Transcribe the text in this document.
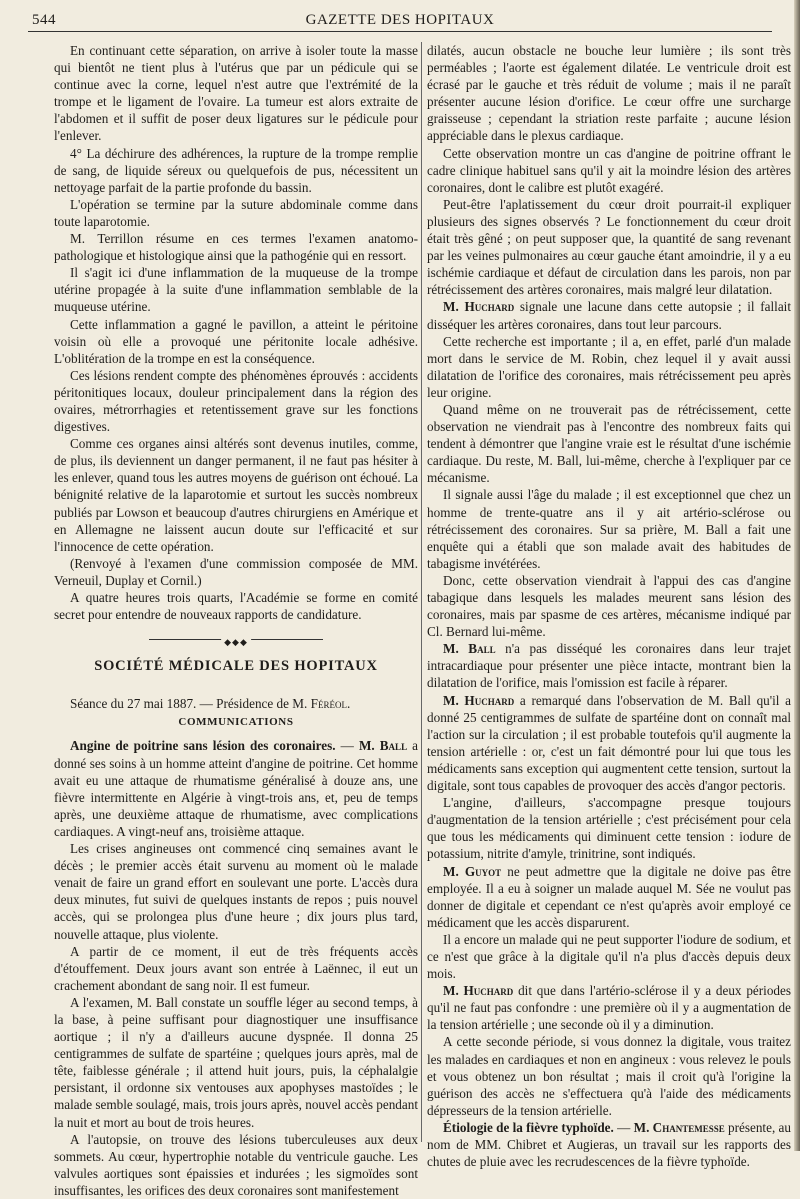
544	GAZETTE DES HOPITAUX

En continuant cette séparation, on arrive à isoler toute la masse qui bientôt ne tient plus à l'utérus que par un pédicule qui se continue avec la corne, lequel n'est autre que l'extrémité de la trompe et le ligament de l'ovaire. La tumeur est alors extraite de l'abdomen et il suffit de poser deux ligatures sur le pédicule pour l'enlever.

4° La déchirure des adhérences, la rupture de la trompe remplie de sang, de liquide séreux ou quelquefois de pus, nécessitent un nettoyage parfait de la partie profonde du bassin.

L'opération se termine par la suture abdominale comme dans toute laparotomie.

M. Terrillon résume en ces termes l'examen anatomo-pathologique et histologique ainsi que la pathogénie qui en ressort.

Il s'agit ici d'une inflammation de la muqueuse de la trompe utérine propagée à la suite d'une inflammation semblable de la muqueuse utérine.

Cette inflammation a gagné le pavillon, a atteint le péritoine voisin où elle a provoqué une péritonite locale adhésive. L'oblitération de la trompe en est la conséquence.

Ces lésions rendent compte des phénomènes éprouvés : accidents péritonitiques locaux, douleur principalement dans la région des ovaires, métrorrhagies et retentissement grave sur les fonctions digestives.

Comme ces organes ainsi altérés sont devenus inutiles, comme, de plus, ils deviennent un danger permanent, il ne faut pas hésiter à les enlever, quand tous les autres moyens de guérison ont échoué. La bénignité relative de la laparotomie et surtout les succès nombreux publiés par Lowson et beaucoup d'autres chirurgiens en Amérique et en Allemagne ne laissent aucun doute sur l'efficacité et sur l'innocence de cette opération.

(Renvoyé à l'examen d'une commission composée de MM. Verneuil, Duplay et Cornil.)

A quatre heures trois quarts, l'Académie se forme en comité secret pour entendre de nouveaux rapports de candidature.

◆◆◆
SOCIÉTÉ MÉDICALE DES HOPITAUX

Séance du 27 mai 1887. — Présidence de M. Féréol.

COMMUNICATIONS

Angine de poitrine sans lésion des coronaires. — M. Ball a donné ses soins à un homme atteint d'angine de poitrine. Cet homme avait eu une attaque de rhumatisme généralisé à douze ans, une fièvre intermittente en Algérie à vingt-trois ans, et, peu de temps après, une deuxième attaque de rhumatisme, avec complications cardiaques. A vingt-neuf ans, troisième attaque.

Les crises angineuses ont commencé cinq semaines avant le décès ; le premier accès était survenu au moment où le malade venait de faire un grand effort en soulevant une porte. L'accès dura deux minutes, fut suivi de quelques instants de repos ; puis nouvel accès, qui se prolongea plus d'une heure ; dix jours plus tard, nouvelle attaque, plus violente.

A partir de ce moment, il eut de très fréquents accès d'étouffement. Deux jours avant son entrée à Laënnec, il eut un crachement abondant de sang noir. Il est fumeur.

A l'examen, M. Ball constate un souffle léger au second temps, à la base, à peine suffisant pour diagnostiquer une insuffisance aortique ; il n'y a d'ailleurs aucune dyspnée. Il donna 25 centigrammes de sulfate de spartéine ; quelques jours après, mal de tête, faiblesse générale ; il attend huit jours, puis, la céphalalgie persistant, il ordonne six ventouses aux apophyses mastoïdes ; le malade semble soulagé, mais, trois jours après, nouvel accès pendant la nuit et mort au bout de trois heures.

A l'autopsie, on trouve des lésions tuberculeuses aux deux sommets. Au cœur, hypertrophie notable du ventricule gauche. Les valvules aortiques sont épaissies et indurées ; les sigmoïdes sont insuffisantes, les orifices des deux coronaires sont manifestement

dilatés, aucun obstacle ne bouche leur lumière ; ils sont très perméables ; l'aorte est également dilatée. Le ventricule droit est écrasé par le gauche et très réduit de volume ; mais il ne paraît présenter aucune lésion d'orifice. Le cœur offre une surcharge graisseuse ; cependant la striation reste parfaite ; aucune lésion appréciable dans le plexus cardiaque.

Cette observation montre un cas d'angine de poitrine offrant le cadre clinique habituel sans qu'il y ait la moindre lésion des artères coronaires, dont le calibre est plutôt exagéré.

Peut-être l'aplatissement du cœur droit pourrait-il expliquer plusieurs des signes observés ? Le fonctionnement du cœur droit était très gêné ; on peut supposer que, la quantité de sang revenant par les veines pulmonaires au cœur gauche étant amoindrie, il y a eu ischémie cardiaque et défaut de circulation dans les parois, non par rétrécissement des artères coronaires, mais malgré leur dilatation.

M. Huchard signale une lacune dans cette autopsie ; il fallait disséquer les artères coronaires, dans tout leur parcours.

Cette recherche est importante ; il a, en effet, parlé d'un malade mort dans le service de M. Robin, chez lequel il y avait aussi dilatation de l'orifice des coronaires, mais rétrécissement peu après leur origine.

Quand même on ne trouverait pas de rétrécissement, cette observation ne viendrait pas à l'encontre des nombreux faits qui tendent à démontrer que l'angine vraie est le résultat d'une ischémie cardiaque. Du reste, M. Ball, lui-même, cherche à l'expliquer par ce mécanisme.

Il signale aussi l'âge du malade ; il est exceptionnel que chez un homme de trente-quatre ans il y ait artério-sclérose ou rétrécissement des coronaires. Sur sa prière, M. Ball a fait une enquête qui a établi que son malade avait des habitudes de tabagisme invétérées.

Donc, cette observation viendrait à l'appui des cas d'angine tabagique dans lesquels les malades meurent sans lésion des coronaires, mais par spasme de ces artères, mécanisme indiqué par Cl. Bernard lui-même.

M. Ball n'a pas disséqué les coronaires dans leur trajet intracardiaque pour présenter une pièce intacte, montrant bien la dilatation de l'orifice, mais l'omission est facile à réparer.

M. Huchard a remarqué dans l'observation de M. Ball qu'il a donné 25 centigrammes de sulfate de spartéine dont on connaît mal l'action sur la circulation ; il est probable toutefois qu'il augmente la tension artérielle : or, c'est un fait démontré pour lui que tous les médicaments sans exception qui augmentent cette tension, surtout la digitale, sont tous capables de provoquer des accès d'angor pectoris.

L'angine, d'ailleurs, s'accompagne presque toujours d'augmentation de la tension artérielle ; c'est précisément pour cela que tous les médicaments qui diminuent cette tension : iodure de potassium, nitrite d'amyle, trinitrine, sont indiqués.

M. Guyot ne peut admettre que la digitale ne doive pas être employée. Il a eu à soigner un malade auquel M. Sée ne voulut pas donner de digitale et cependant ce n'est qu'après avoir employé ce médicament que les accès disparurent.

Il a encore un malade qui ne peut supporter l'iodure de sodium, et ce n'est que grâce à la digitale qu'il n'a plus d'accès depuis deux mois.

M. Huchard dit que dans l'artério-sclérose il y a deux périodes qu'il ne faut pas confondre : une première où il y a augmentation de la tension artérielle ; une seconde où il y a diminution.

A cette seconde période, si vous donnez la digitale, vous traitez les malades en cardiaques et non en angineux : vous relevez le pouls et vous obtenez un bon résultat ; mais il croit qu'à l'origine la guérison des accès ne s'effectuera qu'à l'aide des médicaments dépresseurs de la tension artérielle.

Étiologie de la fièvre typhoïde. — M. Chantemesse présente, au nom de MM. Chibret et Augieras, un travail sur les rapports des chutes de pluie avec les recrudescences de la fièvre typhoïde.
